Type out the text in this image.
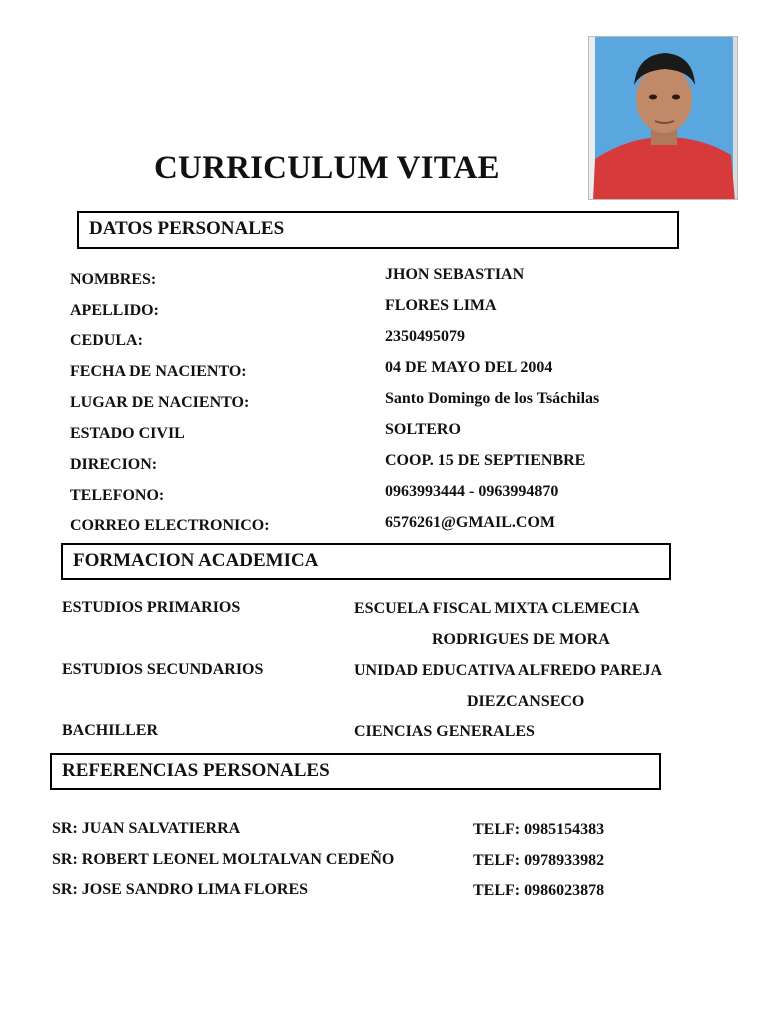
CURRICULUM VITAE
DATOS PERSONALES
NOMBRES:	JHON SEBASTIAN
APELLIDO:	FLORES LIMA
CEDULA:	2350495079
FECHA DE NACIENTO:	04 DE MAYO DEL 2004
LUGAR DE NACIENTO:	Santo Domingo de los Tsáchilas
ESTADO CIVIL	SOLTERO
DIRECION:	COOP. 15 DE SEPTIENBRE
TELEFONO:	0963993444 - 0963994870
CORREO ELECTRONICO:	6576261@GMAIL.COM
FORMACION ACADEMICA
ESTUDIOS PRIMARIOS	ESCUELA FISCAL MIXTA CLEMECIA
RODRIGUES DE MORA
ESTUDIOS SECUNDARIOS	UNIDAD EDUCATIVA ALFREDO PAREJA
DIEZCANSECO
BACHILLER	CIENCIAS GENERALES
REFERENCIAS PERSONALES
SR: JUAN SALVATIERRA	TELF: 0985154383
SR: ROBERT LEONEL MOLTALVAN CEDEÑO	TELF: 0978933982
SR: JOSE SANDRO LIMA FLORES	TELF: 0986023878
